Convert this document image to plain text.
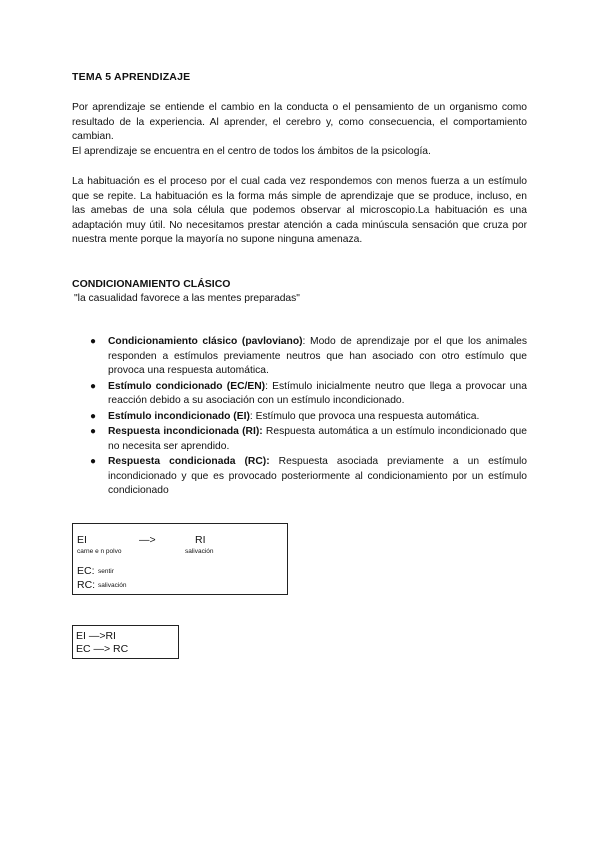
TEMA 5 APRENDIZAJE
Por aprendizaje se entiende el cambio en la conducta o el pensamiento de un organismo como resultado de la experiencia. Al aprender, el cerebro y, como consecuencia, el comportamiento cambian.
El aprendizaje se encuentra en el centro de todos los ámbitos de la psicología.
La habituación es el proceso por el cual cada vez respondemos con menos fuerza a un estímulo que se repite. La habituación es la forma más simple de aprendizaje que se produce, incluso, en las amebas de una sola célula que podemos observar al microscopio.La habituación es una adaptación muy útil. No necesitamos prestar atención a cada minúscula sensación que cruza por nuestra mente porque la mayoría no supone ninguna amenaza.
CONDICIONAMIENTO CLÁSICO
"la casualidad favorece a las mentes preparadas"
● Condicionamiento clásico (pavloviano): Modo de aprendizaje por el que los animales responden a estímulos previamente neutros que han asociado con otro estímulo que provoca una respuesta automática.
● Estímulo condicionado (EC/EN): Estímulo inicialmente neutro que llega a provocar una reacción debido a su asociación con un estímulo incondicionado.
● Estímulo incondicionado (EI): Estímulo que provoca una respuesta automática.
● Respuesta incondicionada (RI): Respuesta automática a un estímulo incondicionado que no necesita ser aprendido.
● Respuesta condicionada (RC): Respuesta asociada previamente a un estímulo incondicionado y que es provocado posteriormente al condicionamiento por un estímulo condicionado
EI	—>	RI
carne e n polvo	salivación
EC: sentir
RC: salivación
EI —>RI
EC —> RC
